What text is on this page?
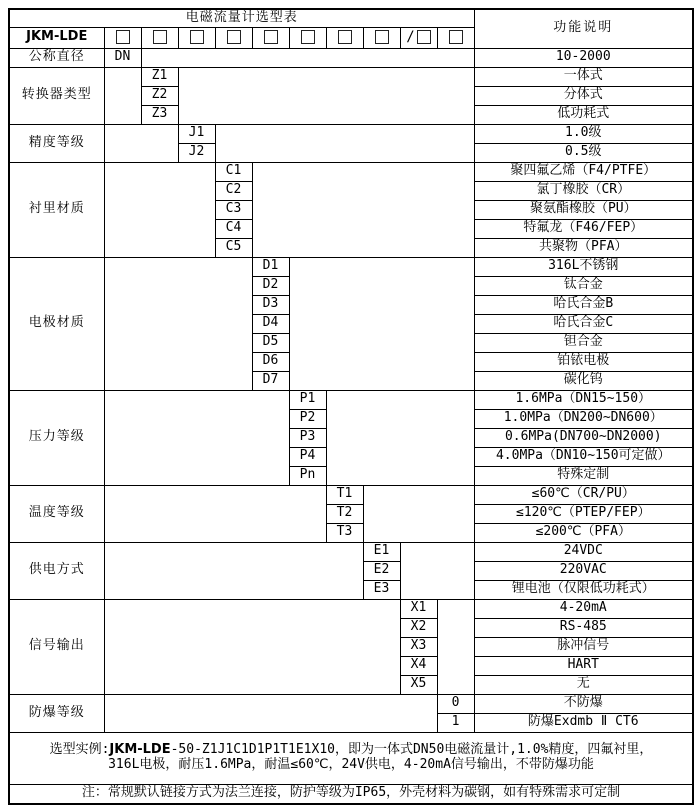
电磁流量计选型表											功能说明
JKM-LDE									/		
公称直径	DN										10-2000
转换器类型		Z1									一体式
		Z2									分体式
		Z3									低功耗式
精度等级			J1								1.0级
			J2								0.5级
衬里材质				C1							聚四氟乙烯（F4/PTFE）
				C2							氯丁橡胶（CR）
				C3							聚氨酯橡胶（PU）
				C4							特氟龙（F46/FEP）
				C5							共聚物（PFA）
电极材质					D1						316L不锈钢
					D2						钛合金
					D3						哈氏合金B
					D4						哈氏合金C
					D5						钽合金
					D6						铂铱电极
					D7						碳化钨
压力等级						P1					1.6MPa（DN15~150）
						P2					1.0MPa（DN200~DN600）
						P3					0.6MPa(DN700~DN2000)
						P4					4.0MPa（DN10~150可定做）
						Pn					特殊定制
温度等级							T1				≤60℃（CR/PU）
							T2				≤120℃（PTEP/FEP）
							T3				≤200℃（PFA）
供电方式								E1			24VDC
								E2			220VAC
								E3			锂电池（仅限低功耗式）
信号输出									X1		4-20mA
									X2		RS-485
									X3		脉冲信号
									X4		HART
									X5		无
防爆等级										0	不防爆
										1	防爆Exdmb Ⅱ CT6
选型实例:JKM-LDE-50-Z1J1C1D1P1T1E1X10，即为一体式DN50电磁流量计,1.0%精度，四氟衬里，
316L电极，耐压1.6MPa，耐温≤60℃，24V供电，4-20mA信号输出，不带防爆功能											

注：常规默认链接方式为法兰连接，防护等级为IP65，外壳材料为碳钢，如有特殊需求可定制											
